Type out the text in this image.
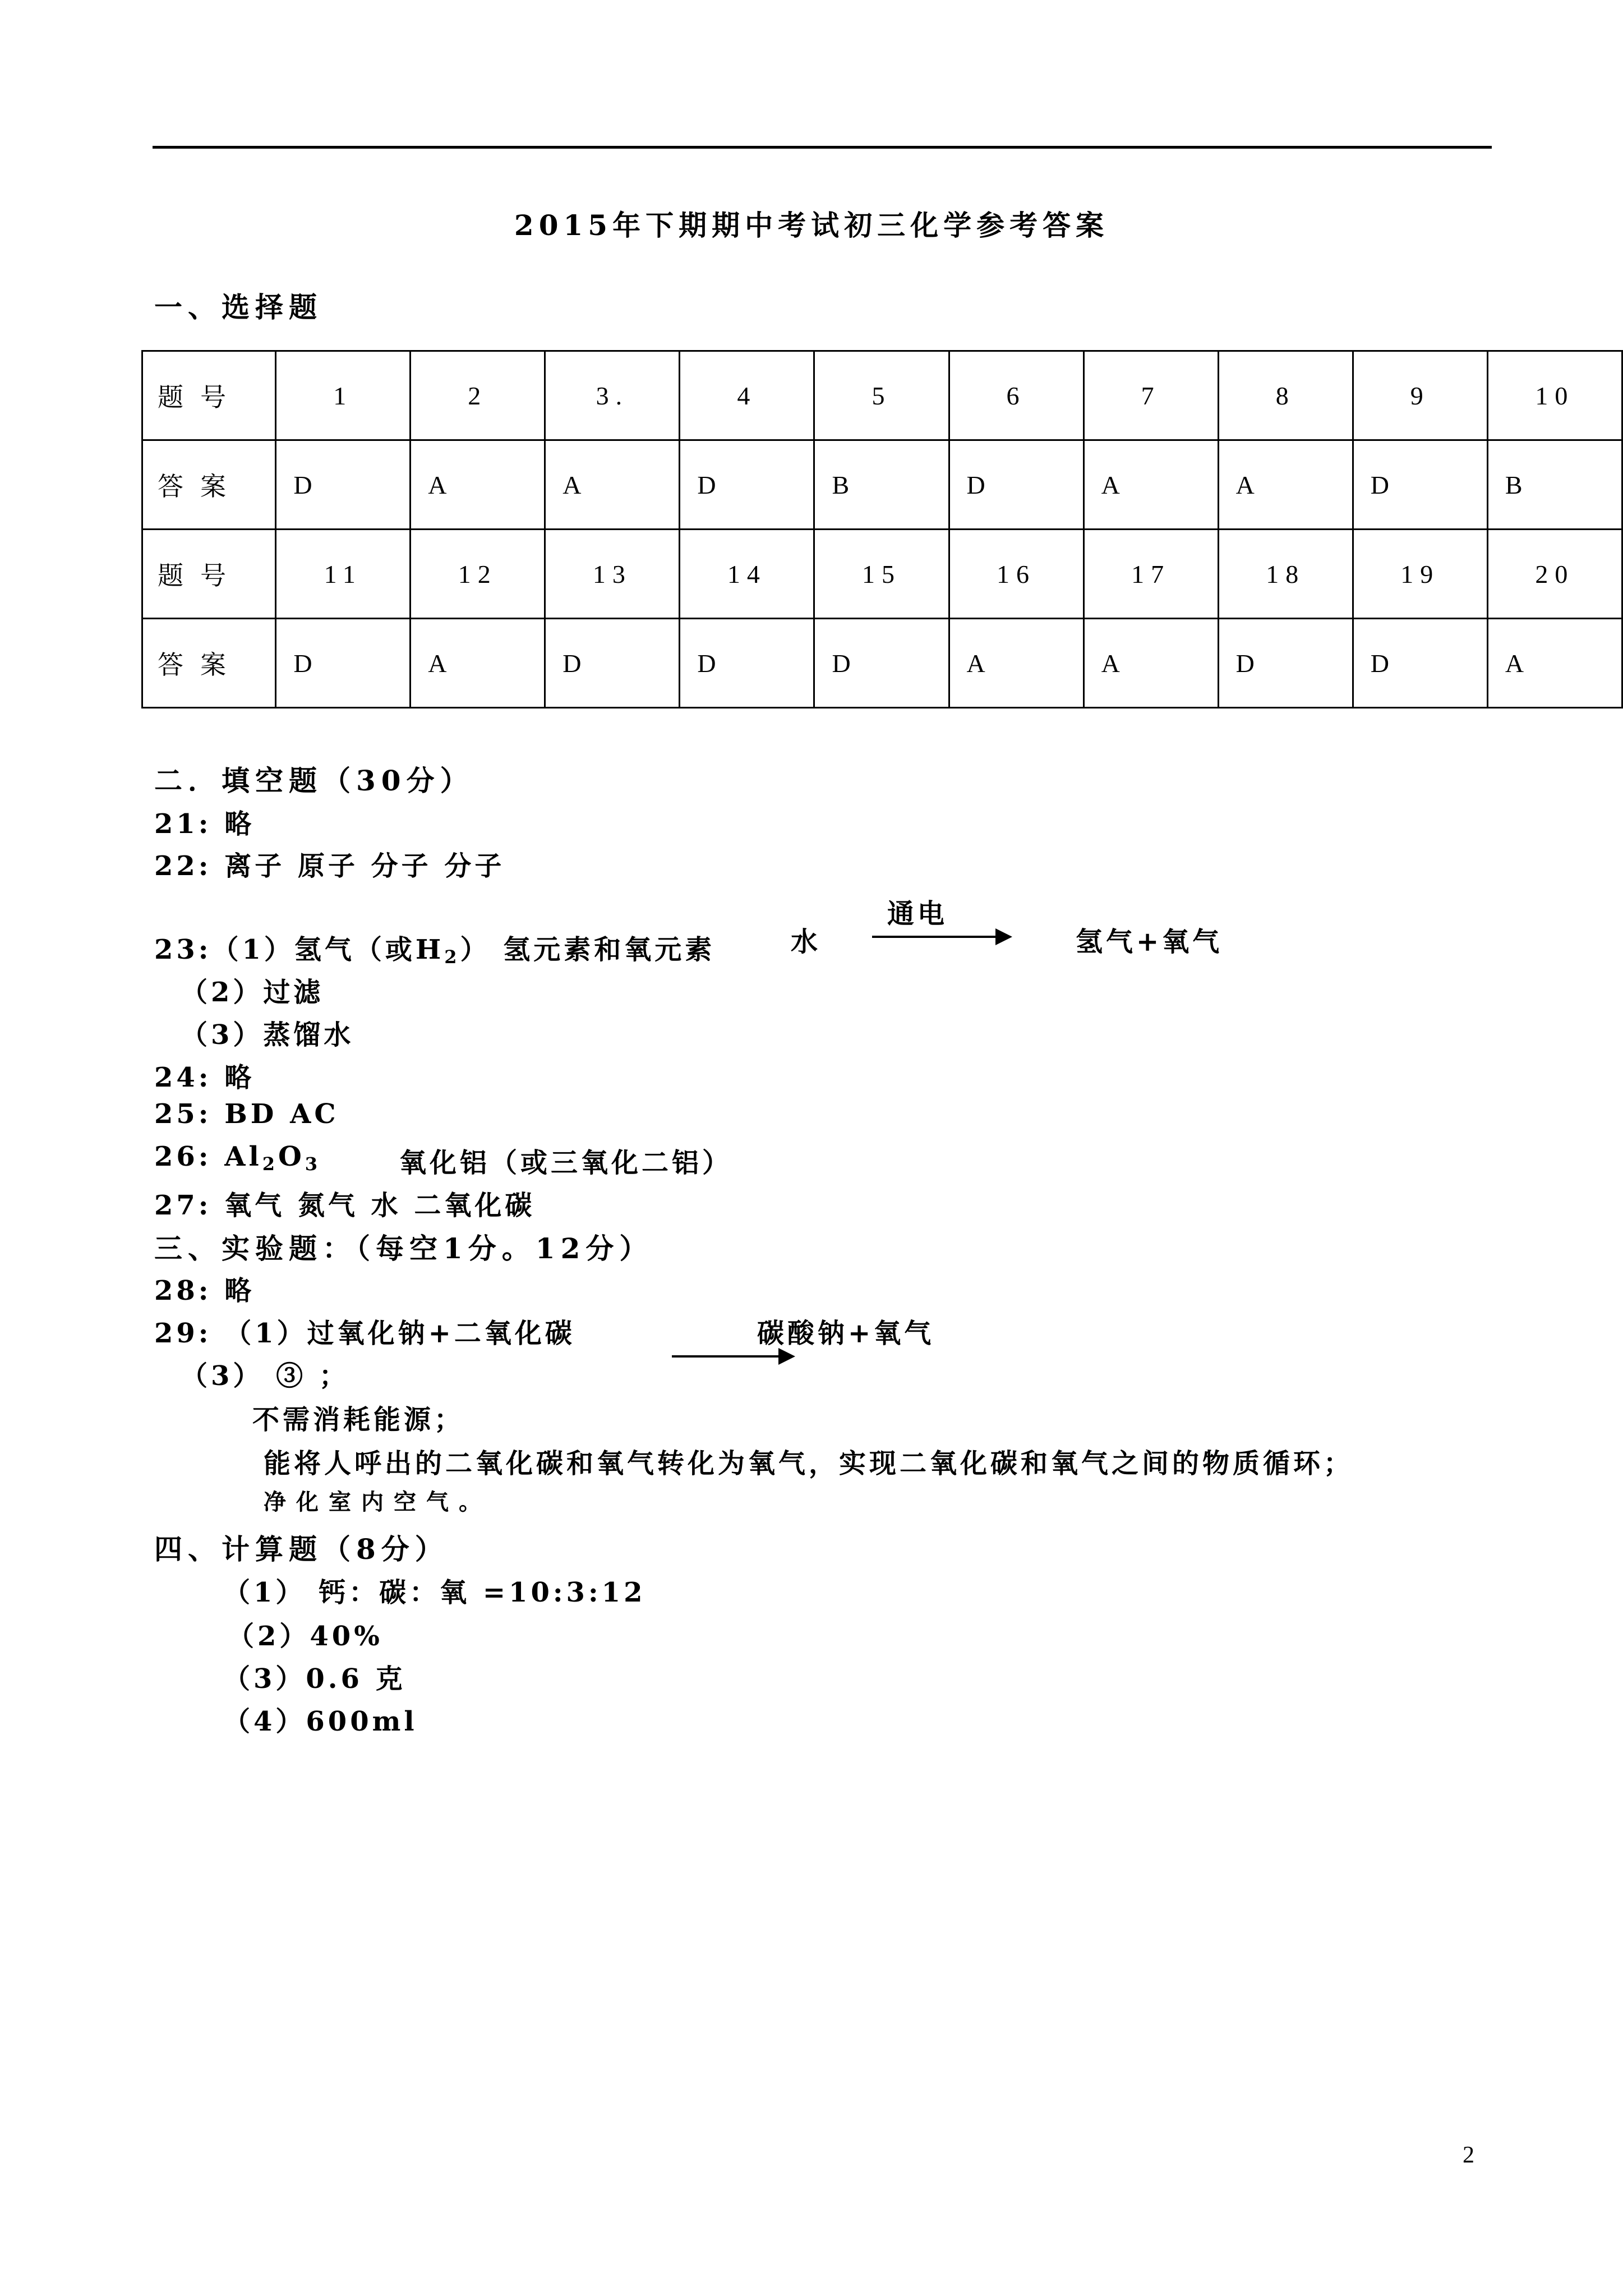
2015年下期期中考试初三化学参考答案
一、选择题
题号	1	2	3.	4	5	6	7	8	9	10
答案	D	A	A	D	B	D	A	A	D	B
题号	11	12	13	14	15	16	17	18	19	20
答案	D	A	D	D	D	A	A	D	D	A
二．填空题（30分）
21: 略
22: 离子 原子 分子 分子
23:（1）氢气（或H2） 氢元素和氧元素	水
通电
氢气+氧气
（2）过滤
（3）蒸馏水
24: 略
25: BD AC
26: Al2O3	氧化铝（或三氧化二铝）
27: 氧气 氮气 水 二氧化碳
三、实验题：（每空1分。12分）
28: 略
29: （1）过氧化钠+二氧化碳	碳酸钠+氧气
（3） ③ ；
不需消耗能源；
能将人呼出的二氧化碳和氧气转化为氧气，实现二氧化碳和氧气之间的物质循环；
净化室内空气。
四、计算题（8分）
（1） 钙：碳：氧 =10:3:12
（2）40%
（3）0.6 克
（4）600ml
2
